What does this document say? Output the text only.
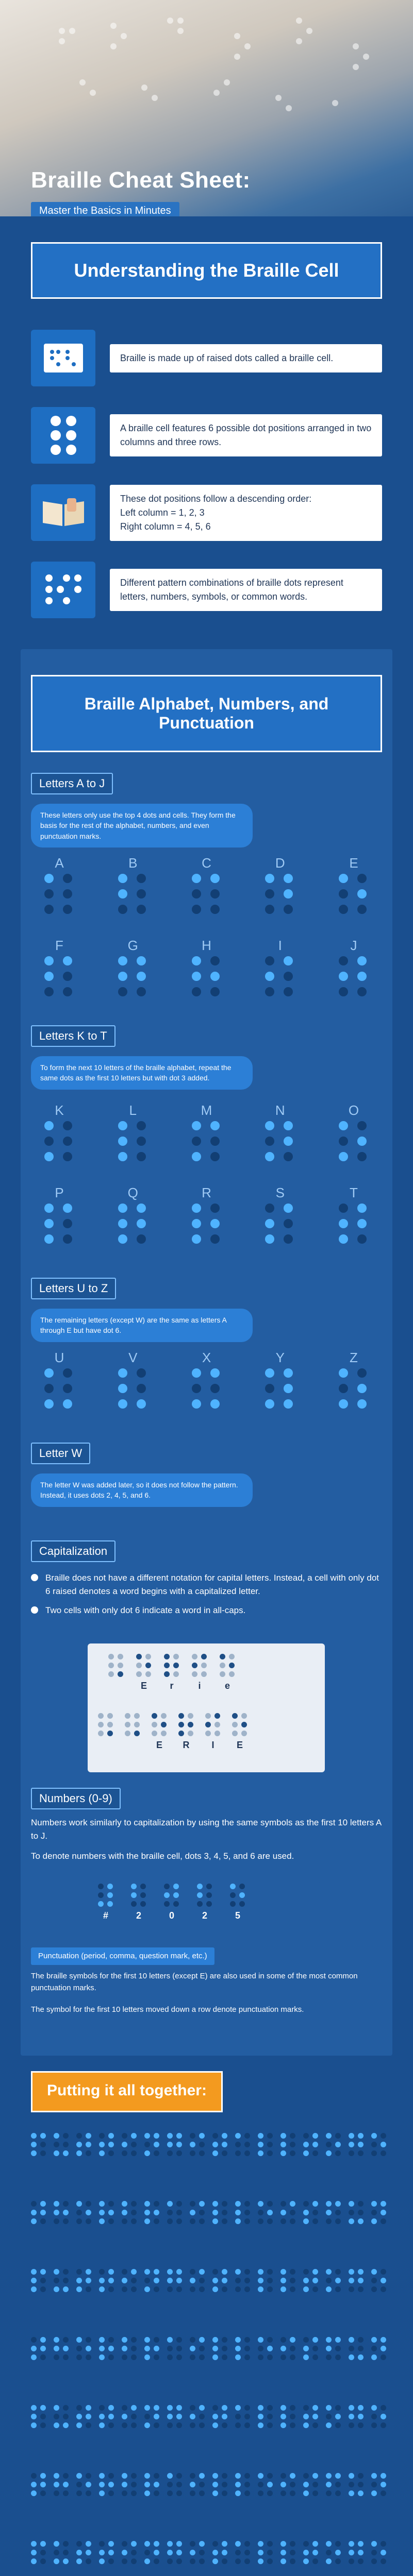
Braille Cheat Sheet:
Master the Basics in Minutes
Understanding the Braille Cell
Braille is made up of raised dots called a braille cell.
A braille cell features 6 possible dot positions arranged in two columns and three rows.
These dot positions follow a descending order:
Left column = 1, 2, 3
Right column = 4, 5, 6
Different pattern combinations of braille dots represent letters, numbers, symbols, or common words.
Braille Alphabet, Numbers, and Punctuation
Letters A to J
These letters only use the top 4 dots and cells. They form the basis for the rest of the alphabet, numbers, and even punctuation marks.
A	B	C	D	E
F	G	H	I	J
Letters K to T
To form the next 10 letters of the braille alphabet, repeat the same dots as the first 10 letters but with dot 3 added.
K	L	M	N	O
P	Q	R	S	T
Letters U to Z
The remaining letters (except W) are the same as letters A through E but have dot 6.
U	V	X	Y	Z
Letter W
The letter W was added later, so it does not follow the pattern. Instead, it uses dots 2, 4, 5, and 6.
Capitalization
Braille does not have a different notation for capital letters. Instead, a cell with only dot 6 raised denotes a word begins with a capitalized letter.
Two cells with only dot 6 indicate a word in all-caps.
E r	i	e
E R I E
Numbers (0-9)
Numbers work similarly to capitalization by using the same symbols as the first 10 letters A to J.
To denote numbers with the braille cell, dots 3, 4, 5, and 6 are used.
#	2	0	2	5
Punctuation (period, comma, question mark, etc.)
The braille symbols for the first 10 letters (except E) are also used in some of the most common punctuation marks.
The symbol for the first 10 letters moved down a row denote punctuation marks.
Putting it all together:
